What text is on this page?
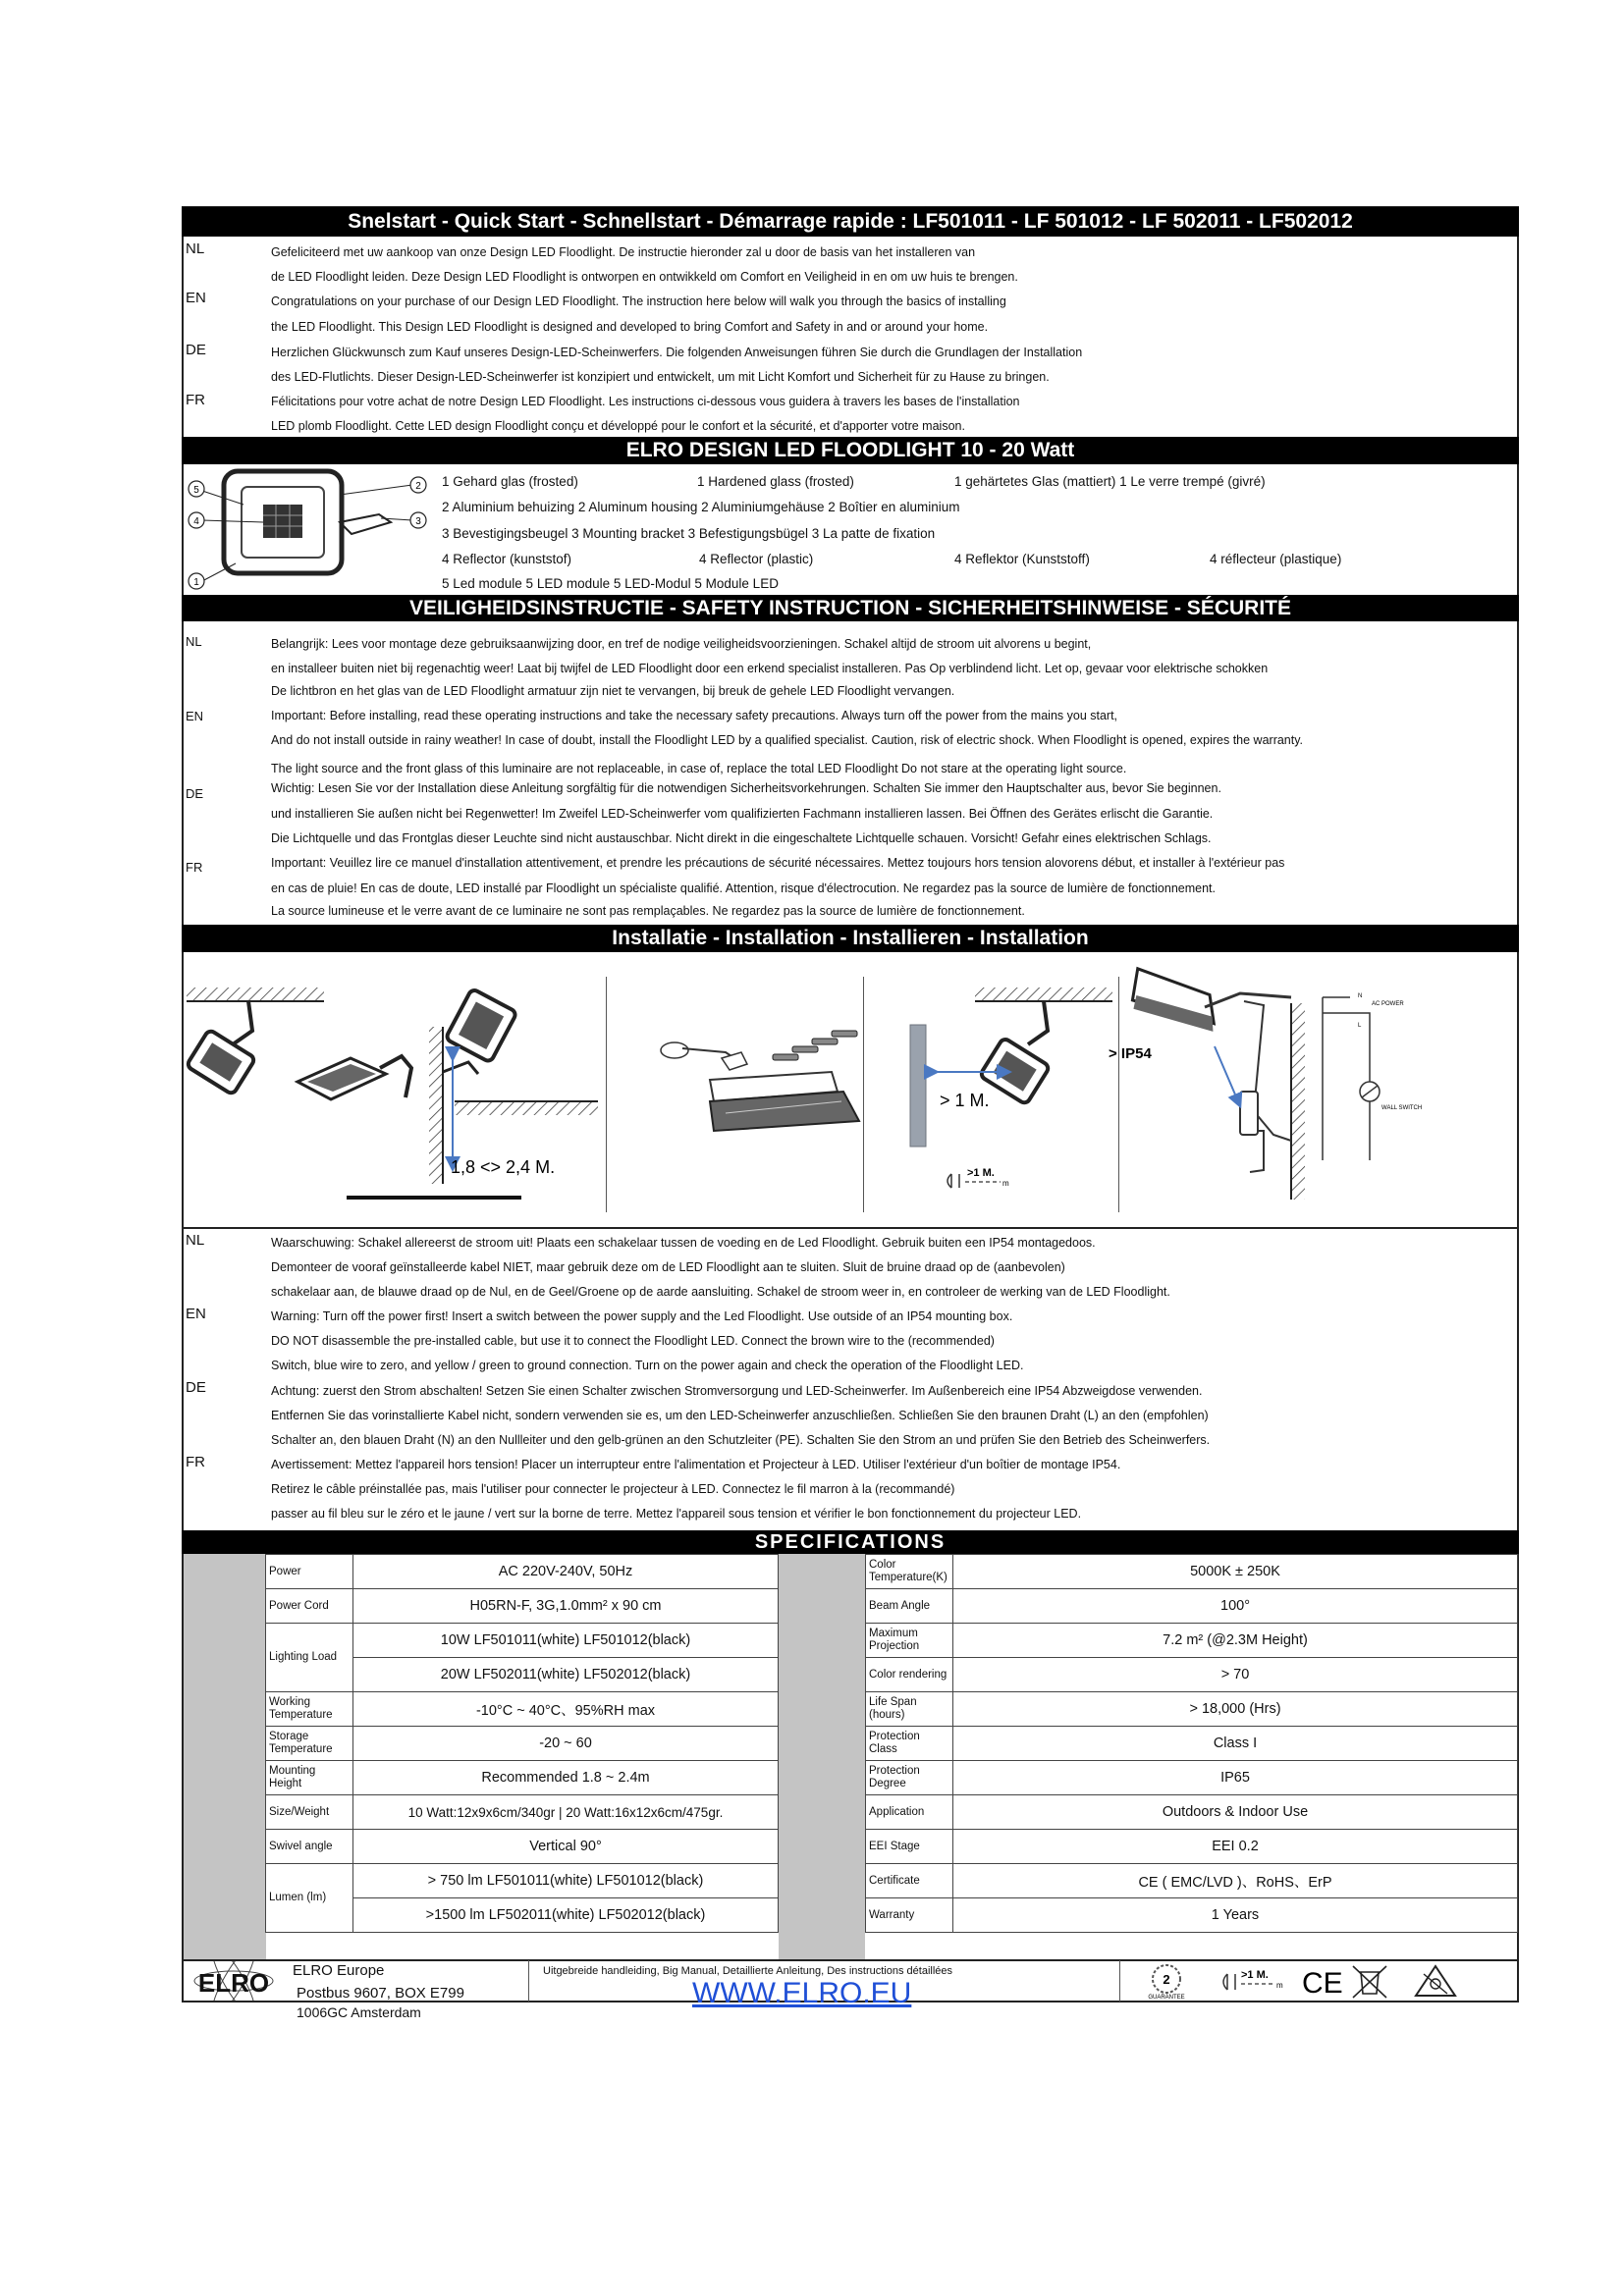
Snelstart - Quick Start - Schnellstart - Démarrage rapide : LF501011 - LF 501012 - LF 502011 - LF502012
NL	Gefeliciteerd met uw aankoop van onze Design LED Floodlight. De instructie hieronder zal u door de basis van het installeren van
de LED Floodlight leiden. Deze Design LED Floodlight is ontworpen en ontwikkeld om Comfort en Veiligheid in en om uw huis te brengen.
EN	Congratulations on your purchase of our Design LED Floodlight. The instruction here below will walk you through the basics of installing
the LED Floodlight. This Design LED Floodlight is designed and developed to bring Comfort and Safety in and or around your home.
DE	Herzlichen Glückwunsch zum Kauf unseres Design-LED-Scheinwerfers. Die folgenden Anweisungen führen Sie durch die Grundlagen der Installation
des LED-Flutlichts. Dieser Design-LED-Scheinwerfer ist konzipiert und entwickelt, um mit Licht Komfort und Sicherheit für zu Hause zu bringen.
FR	Félicitations pour votre achat de notre Design LED Floodlight. Les instructions ci-dessous vous guidera à travers les bases de l'installation
LED plomb Floodlight. Cette LED design Floodlight conçu et développé pour le confort et la sécurité, et d'apporter votre maison.
ELRO DESIGN LED FLOODLIGHT 10 - 20 Watt
5
4
1
2
3
1 Gehard glas (frosted)	1 Hardened glass (frosted)	1 gehärtetes Glas (mattiert) 1 Le verre trempé (givré)
2 Aluminium behuizing 2 Aluminum housing 2 Aluminiumgehäuse 2 Boîtier en aluminium
3 Bevestigingsbeugel 3 Mounting bracket 3 Befestigungsbügel 3 La patte de fixation
4 Reflector (kunststof)	4 Reflector (plastic)	4 Reflektor (Kunststoff)	4 réflecteur (plastique)
5 Led module 5 LED module 5 LED-Modul 5 Module LED
VEILIGHEIDSINSTRUCTIE - SAFETY INSTRUCTION - SICHERHEITSHINWEISE - SÉCURITÉ
NL	Belangrijk: Lees voor montage deze gebruiksaanwijzing door, en tref de nodige veiligheidsvoorzieningen. Schakel altijd de stroom uit alvorens u begint,
en installeer buiten niet bij regenachtig weer! Laat bij twijfel de LED Floodlight door een erkend specialist installeren. Pas Op verblindend licht. Let op, gevaar voor elektrische schokken
De lichtbron en het glas van de LED Floodlight armatuur zijn niet te vervangen, bij breuk de gehele LED Floodlight vervangen.
EN	Important: Before installing, read these operating instructions and take the necessary safety precautions. Always turn off the power from the mains you start,
And do not install outside in rainy weather! In case of doubt, install the Floodlight LED by a qualified specialist. Caution, risk of electric shock. When Floodlight is opened, expires the warranty.
The light source and the front glass of this luminaire are not replaceable, in case of, replace the total LED Floodlight Do not stare at the operating light source.
DE	Wichtig: Lesen Sie vor der Installation diese Anleitung sorgfältig für die notwendigen Sicherheitsvorkehrungen. Schalten Sie immer den Hauptschalter aus, bevor Sie beginnen.
und installieren Sie außen nicht bei Regenwetter! Im Zweifel LED-Scheinwerfer vom qualifizierten Fachmann installieren lassen. Bei Öffnen des Gerätes erlischt die Garantie.
Die Lichtquelle und das Frontglas dieser Leuchte sind nicht austauschbar. Nicht direkt in die eingeschaltete Lichtquelle schauen. Vorsicht! Gefahr eines elektrischen Schlags.
FR	Important: Veuillez lire ce manuel d'installation attentivement, et prendre les précautions de sécurité nécessaires. Mettez toujours hors tension alovorens début, et installer à l'extérieur pas
en cas de pluie! En cas de doute, LED installé par Floodlight un spécialiste qualifié. Attention, risque d'électrocution. Ne regardez pas la source de lumière de fonctionnement.
La source lumineuse et le verre avant de ce luminaire ne sont pas remplaçables. Ne regardez pas la source de lumière de fonctionnement.
Installatie - Installation - Installieren - Installation
1,8 <> 2,4 M.
> 1 M.
>1 M.
m
> IP54
N
L
AC POWER
WALL SWITCH
NL	Waarschuwing: Schakel allereerst de stroom uit! Plaats een schakelaar tussen de voeding en de Led Floodlight. Gebruik buiten een IP54 montagedoos.
Demonteer de vooraf geïnstalleerde kabel NIET, maar gebruik deze om de LED Floodlight aan te sluiten. Sluit de bruine draad op de (aanbevolen)
schakelaar aan, de blauwe draad op de Nul, en de Geel/Groene op de aarde aansluiting. Schakel de stroom weer in, en controleer de werking van de LED Floodlight.
EN	Warning: Turn off the power first! Insert a switch between the power supply and the Led Floodlight. Use outside of an IP54 mounting box.
DO NOT disassemble the pre-installed cable, but use it to connect the Floodlight LED. Connect the brown wire to the (recommended)
Switch, blue wire to zero, and yellow / green to ground connection. Turn on the power again and check the operation of the Floodlight LED.
DE	Achtung: zuerst den Strom abschalten! Setzen Sie einen Schalter zwischen Stromversorgung und LED-Scheinwerfer. Im Außenbereich eine IP54 Abzweigdose verwenden.
Entfernen Sie das vorinstallierte Kabel nicht, sondern verwenden sie es, um den LED-Scheinwerfer anzuschließen. Schließen Sie den braunen Draht (L) an den (empfohlen)
Schalter an, den blauen Draht (N) an den Nullleiter und den gelb-grünen an den Schutzleiter (PE). Schalten Sie den Strom an und prüfen Sie den Betrieb des Scheinwerfers.
FR	Avertissement: Mettez l'appareil hors tension! Placer un interrupteur entre l'alimentation et Projecteur à LED. Utiliser l'extérieur d'un boîtier de montage IP54.
Retirez le câble préinstallée pas, mais l'utiliser pour connecter le projecteur à LED. Connectez le fil marron à la (recommandé)
passer au fil bleu sur le zéro et le jaune / vert sur la borne de terre. Mettez l'appareil sous tension et vérifier le bon fonctionnement du projecteur LED.
SPECIFICATIONS
Power	AC 220V-240V, 50Hz
Power Cord	H05RN-F, 3G,1.0mm² x 90 cm
Lighting Load	10W LF501011(white) LF501012(black)
	20W LF502011(white) LF502012(black)
Working Temperature	-10°C ~ 40°C、95%RH max
Storage Temperature	-20 ~ 60
Mounting Height	Recommended 1.8 ~ 2.4m
Size/Weight	10 Watt:12x9x6cm/340gr | 20 Watt:16x12x6cm/475gr.
Swivel angle	Vertical 90°
Lumen (lm)	> 750 lm LF501011(white) LF501012(black)
	>1500 lm LF502011(white) LF502012(black)
Color Temperature(K)	5000K ± 250K
Beam Angle	100°
Maximum Projection	7.2 m² (@2.3M Height)
Color rendering	> 70
Life Span (hours)	> 18,000 (Hrs)
Protection Class	Class I
Protection Degree	IP65
Application	Outdoors & Indoor Use
EEI Stage	EEI 0.2
Certificate	CE ( EMC/LVD )、RoHS、ErP
Warranty	1 Years
ELRO ELRO Europe
Postbus 9607, BOX E799
Uitgebreide handleiding, Big Manual, Detaillierte Anleitung, Des instructions détaillées
WWW.ELRO.EU	2
GUARANTEE
>1 M.
m CE
1006GC Amsterdam
